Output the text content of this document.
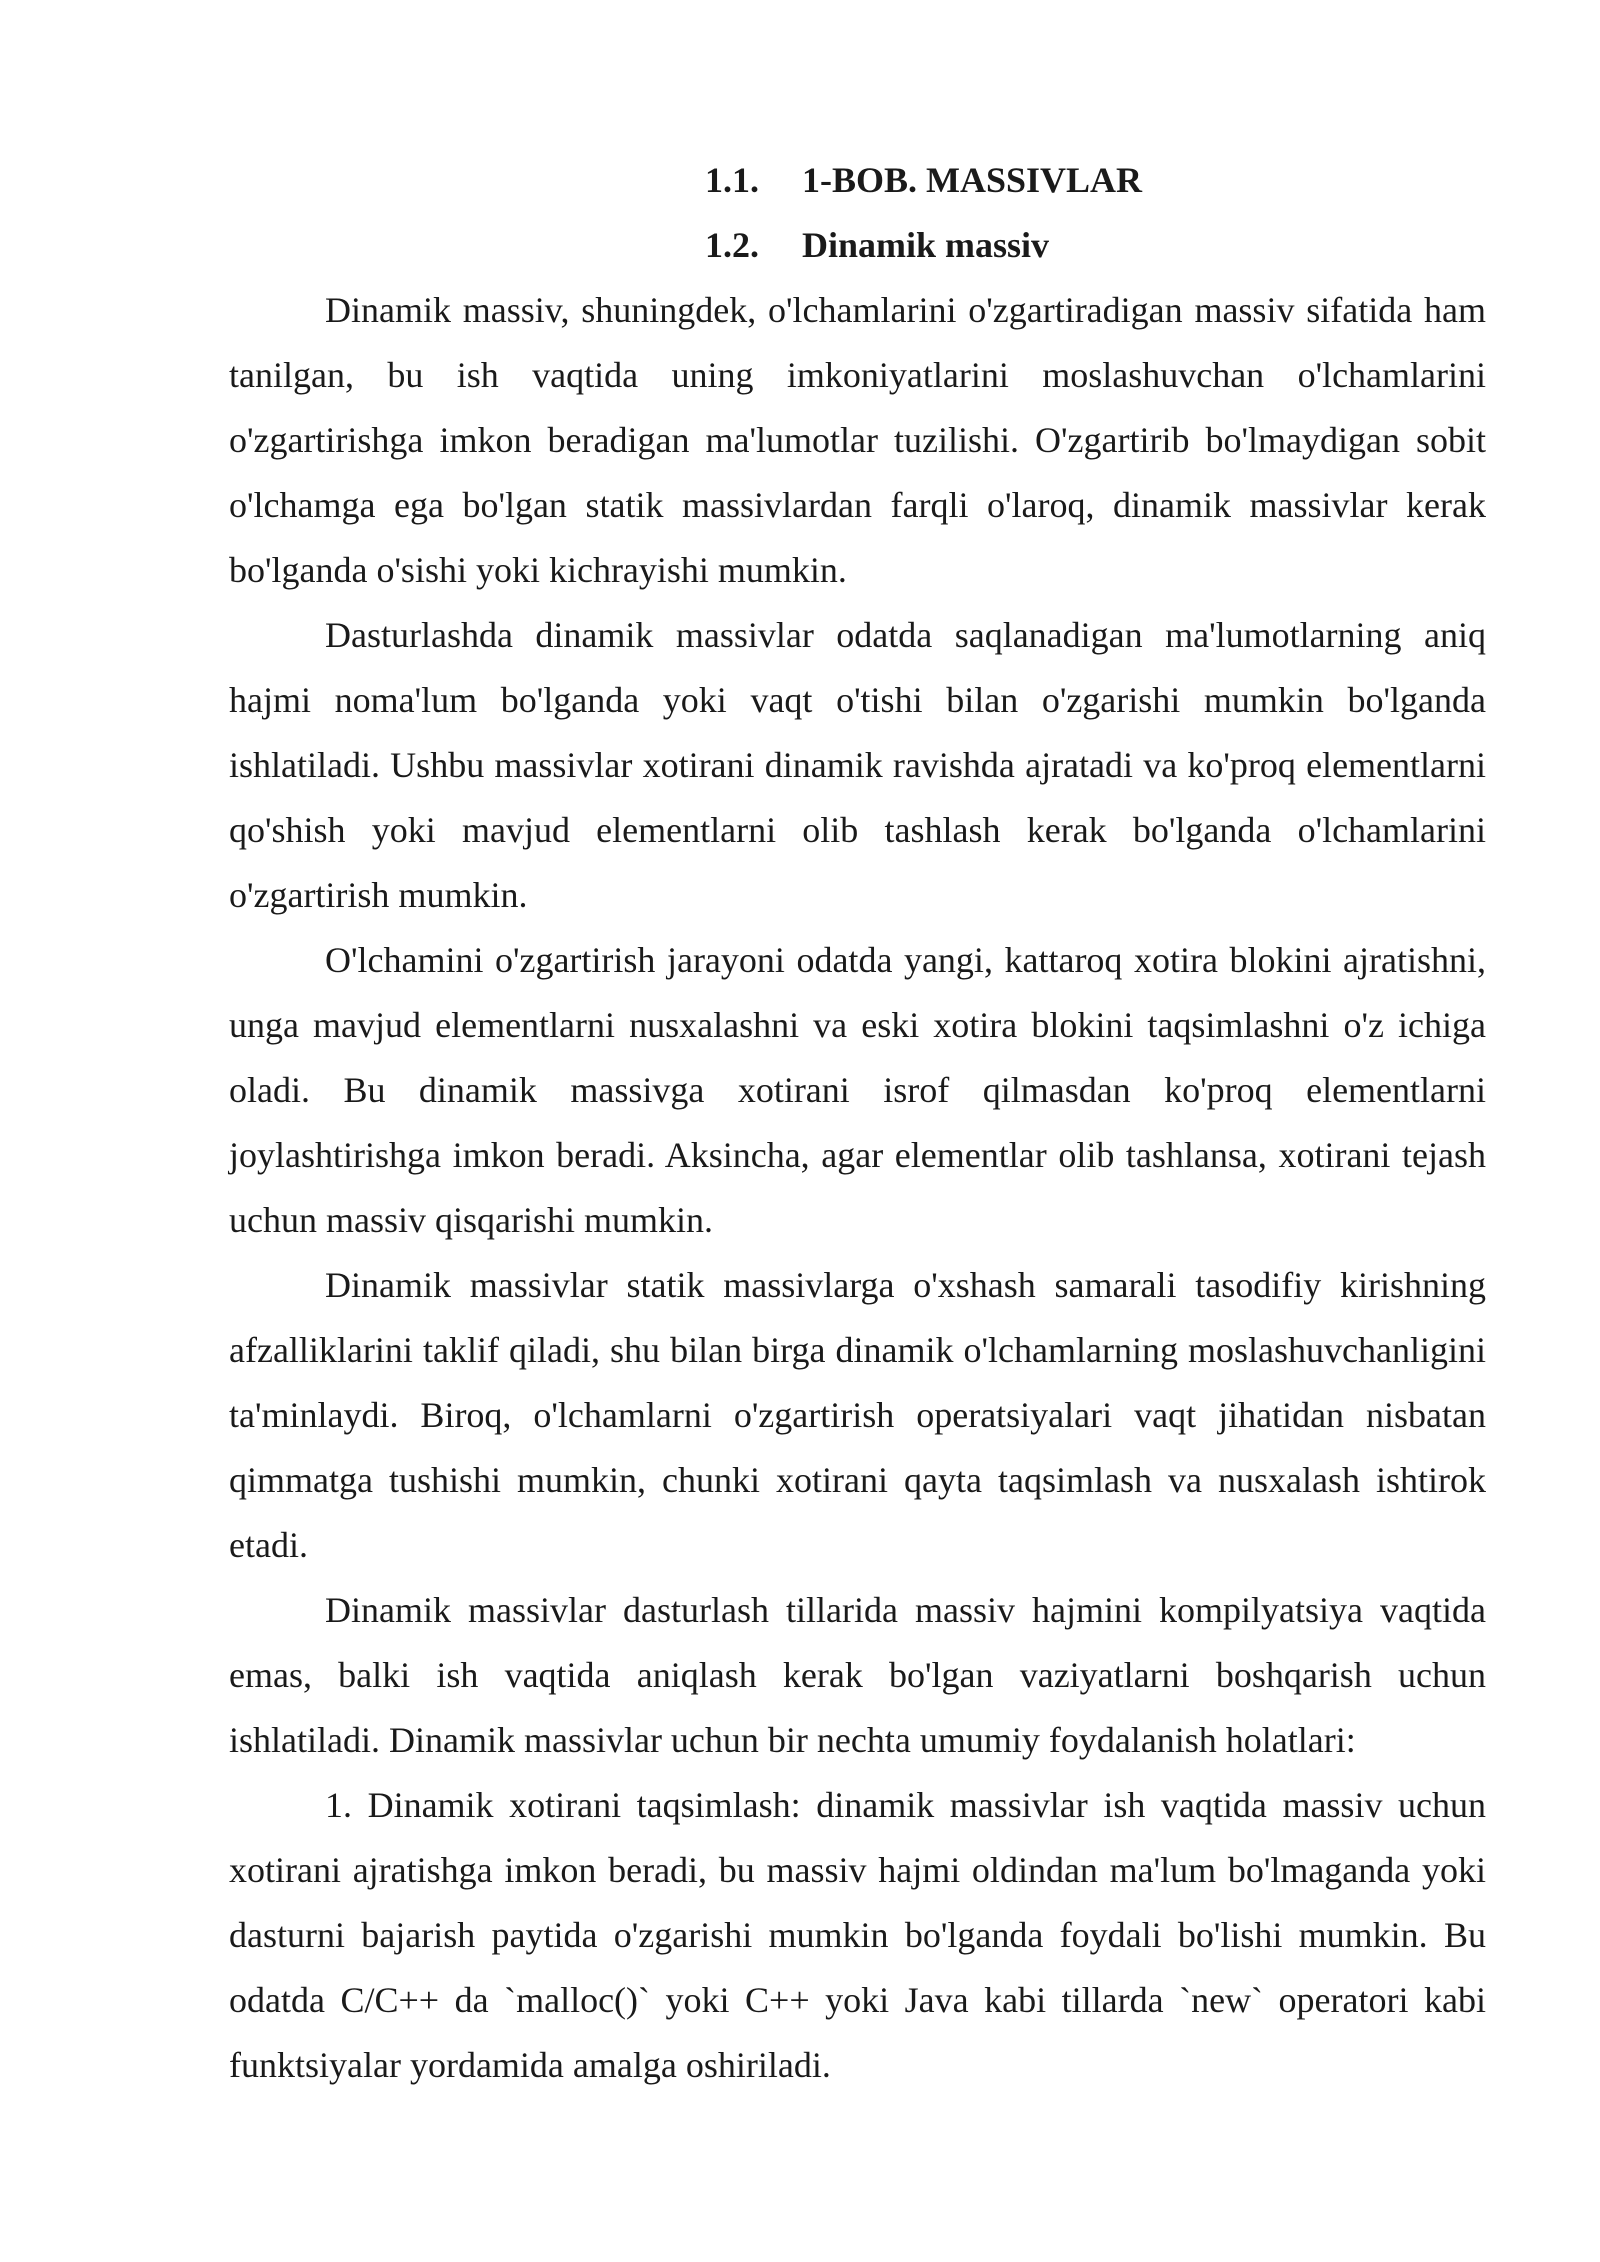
1.1.	1-BOB. MASSIVLAR
1.2.	Dinamik massiv

Dinamik massiv, shuningdek, o'lchamlarini o'zgartiradigan massiv sifatida ham tanilgan, bu ish vaqtida uning imkoniyatlarini moslashuvchan o'lchamlarini o'zgartirishga imkon beradigan ma'lumotlar tuzilishi. O'zgartirib bo'lmaydigan sobit o'lchamga ega bo'lgan statik massivlardan farqli o'laroq, dinamik massivlar kerak bo'lganda o'sishi yoki kichrayishi mumkin.

Dasturlashda dinamik massivlar odatda saqlanadigan ma'lumotlarning aniq hajmi noma'lum bo'lganda yoki vaqt o'tishi bilan o'zgarishi mumkin bo'lganda ishlatiladi. Ushbu massivlar xotirani dinamik ravishda ajratadi va ko'proq elementlarni qo'shish yoki mavjud elementlarni olib tashlash kerak bo'lganda o'lchamlarini o'zgartirish mumkin.

O'lchamini o'zgartirish jarayoni odatda yangi, kattaroq xotira blokini ajratishni, unga mavjud elementlarni nusxalashni va eski xotira blokini taqsimlashni o'z ichiga oladi. Bu dinamik massivga xotirani isrof qilmasdan ko'proq elementlarni joylashtirishga imkon beradi. Aksincha, agar elementlar olib tashlansa, xotirani tejash uchun massiv qisqarishi mumkin.

Dinamik massivlar statik massivlarga o'xshash samarali tasodifiy kirishning afzalliklarini taklif qiladi, shu bilan birga dinamik o'lchamlarning moslashuvchanligini ta'minlaydi. Biroq, o'lchamlarni o'zgartirish operatsiyalari vaqt jihatidan nisbatan qimmatga tushishi mumkin, chunki xotirani qayta taqsimlash va nusxalash ishtirok etadi.

Dinamik massivlar dasturlash tillarida massiv hajmini kompilyatsiya vaqtida emas, balki ish vaqtida aniqlash kerak bo'lgan vaziyatlarni boshqarish uchun ishlatiladi. Dinamik massivlar uchun bir nechta umumiy foydalanish holatlari:

1. Dinamik xotirani taqsimlash: dinamik massivlar ish vaqtida massiv uchun xotirani ajratishga imkon beradi, bu massiv hajmi oldindan ma'lum bo'lmaganda yoki dasturni bajarish paytida o'zgarishi mumkin bo'lganda foydali bo'lishi mumkin. Bu odatda C/C++ da `malloc()` yoki C++ yoki Java kabi tillarda `new` operatori kabi funktsiyalar yordamida amalga oshiriladi.
